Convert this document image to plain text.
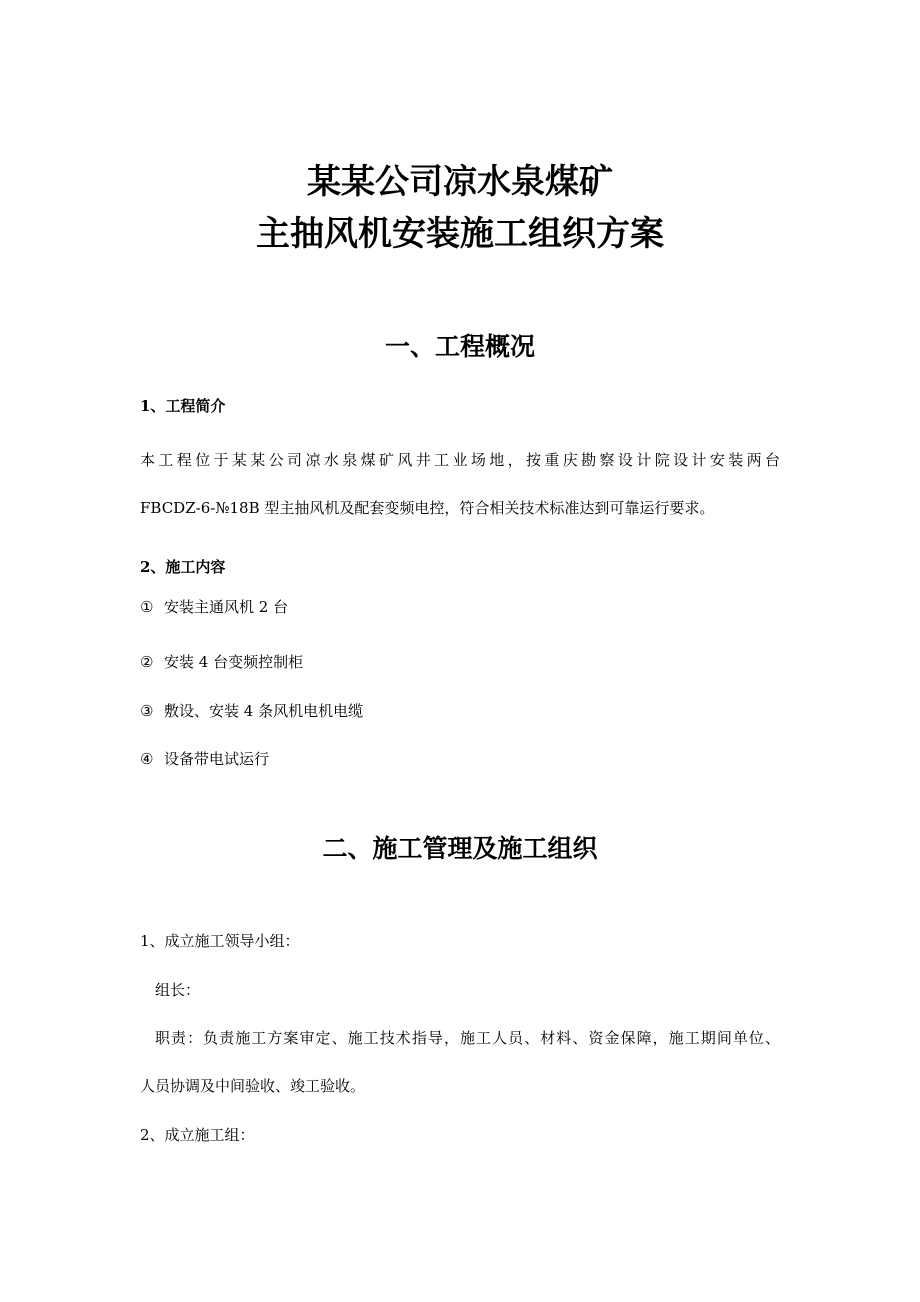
某某公司凉水泉煤矿
主抽风机安装施工组织方案
一、工程概况
1、工程简介
本工程位于某某公司凉水泉煤矿风井工业场地，按重庆勘察设计院设计安装两台
FBCDZ-6-№18B 型主抽风机及配套变频电控，符合相关技术标准达到可靠运行要求。
2、施工内容
① 安装主通风机 2 台
② 安装 4 台变频控制柜
③ 敷设、安装 4 条风机电机电缆
④ 设备带电试运行
二、施工管理及施工组织
1、成立施工领导小组：
组长：
职责：负责施工方案审定、施工技术指导，施工人员、材料、资金保障，施工期间单位、
人员协调及中间验收、竣工验收。
2、成立施工组：
